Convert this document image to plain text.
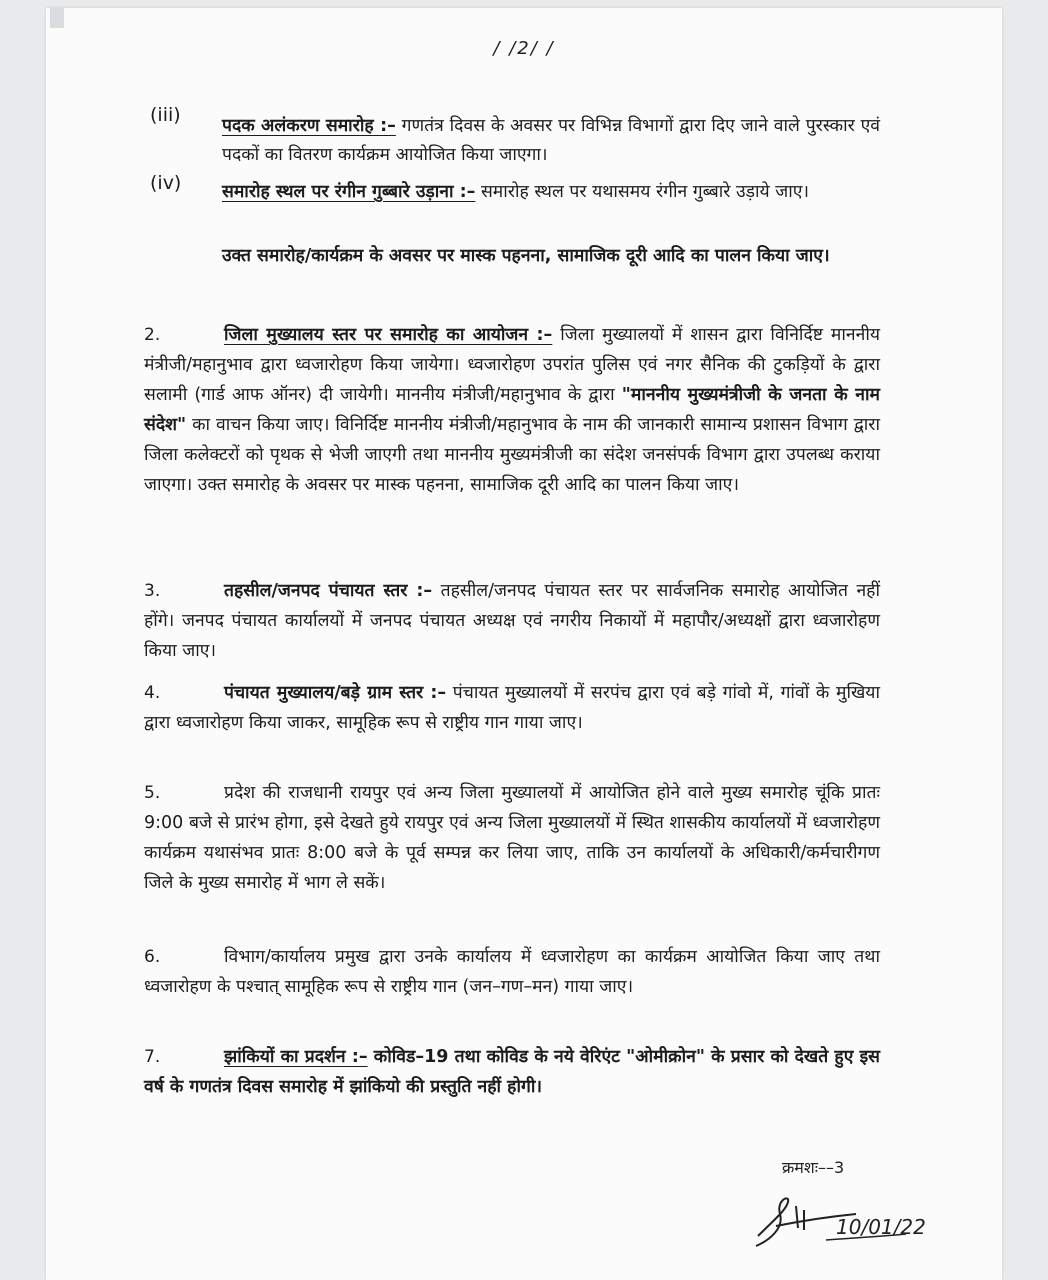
/ /2/ /
(iii) पदक अलंकरण समारोह :– गणतंत्र दिवस के अवसर पर विभिन्न विभागों द्वारा दिए जाने वाले पुरस्कार एवं पदकों का वितरण कार्यक्रम आयोजित किया जाएगा।
(iv) समारोह स्थल पर रंगीन गुब्बारे उड़ाना :– समारोह स्थल पर यथासमय रंगीन गुब्बारे उड़ाये जाए।
उक्त समारोह/कार्यक्रम के अवसर पर मास्क पहनना, सामाजिक दूरी आदि का पालन किया जाए।
2.	जिला मुख्यालय स्तर पर समारोह का आयोजन :– जिला मुख्यालयों में शासन द्वारा विनिर्दिष्ट माननीय मंत्रीजी/महानुभाव द्वारा ध्वजारोहण किया जायेगा। ध्वजारोहण उपरांत पुलिस एवं नगर सैनिक की टुकड़ियों के द्वारा सलामी (गार्ड आफ ऑनर) दी जायेगी। माननीय मंत्रीजी/महानुभाव के द्वारा "माननीय मुख्यमंत्रीजी के जनता के नाम संदेश" का वाचन किया जाए। विनिर्दिष्ट माननीय मंत्रीजी/महानुभाव के नाम की जानकारी सामान्य प्रशासन विभाग द्वारा जिला कलेक्टरों को पृथक से भेजी जाएगी तथा माननीय मुख्यमंत्रीजी का संदेश जनसंपर्क विभाग द्वारा उपलब्ध कराया जाएगा। उक्त समारोह के अवसर पर मास्क पहनना, सामाजिक दूरी आदि का पालन किया जाए।
3.	तहसील/जनपद पंचायत स्तर :– तहसील/जनपद पंचायत स्तर पर सार्वजनिक समारोह आयोजित नहीं होंगे। जनपद पंचायत कार्यालयों में जनपद पंचायत अध्यक्ष एवं नगरीय निकायों में महापौर/अध्यक्षों द्वारा ध्वजारोहण किया जाए।
4.	पंचायत मुख्यालय/बड़े ग्राम स्तर :– पंचायत मुख्यालयों में सरपंच द्वारा एवं बड़े गांवो में, गांवों के मुखिया द्वारा ध्वजारोहण किया जाकर, सामूहिक रूप से राष्ट्रीय गान गाया जाए।
5.	प्रदेश की राजधानी रायपुर एवं अन्य जिला मुख्यालयों में आयोजित होने वाले मुख्य समारोह चूंकि प्रातः 9:00 बजे से प्रारंभ होगा, इसे देखते हुये रायपुर एवं अन्य जिला मुख्यालयों में स्थित शासकीय कार्यालयों में ध्वजारोहण कार्यक्रम यथासंभव प्रातः 8:00 बजे के पूर्व सम्पन्न कर लिया जाए, ताकि उन कार्यालयों के अधिकारी/कर्मचारीगण जिले के मुख्य समारोह में भाग ले सकें।
6.	विभाग/कार्यालय प्रमुख द्वारा उनके कार्यालय में ध्वजारोहण का कार्यक्रम आयोजित किया जाए तथा ध्वजारोहण के पश्चात् सामूहिक रूप से राष्ट्रीय गान (जन–गण–मन) गाया जाए।
7.	झांकियों का प्रदर्शन :– कोविड–19 तथा कोविड के नये वेरिएंट "ओमीक्रोन" के प्रसार को देखते हुए इस वर्ष के गणतंत्र दिवस समारोह में झांकियो की प्रस्तुति नहीं होगी।
क्रमशः––3
10/01/22
